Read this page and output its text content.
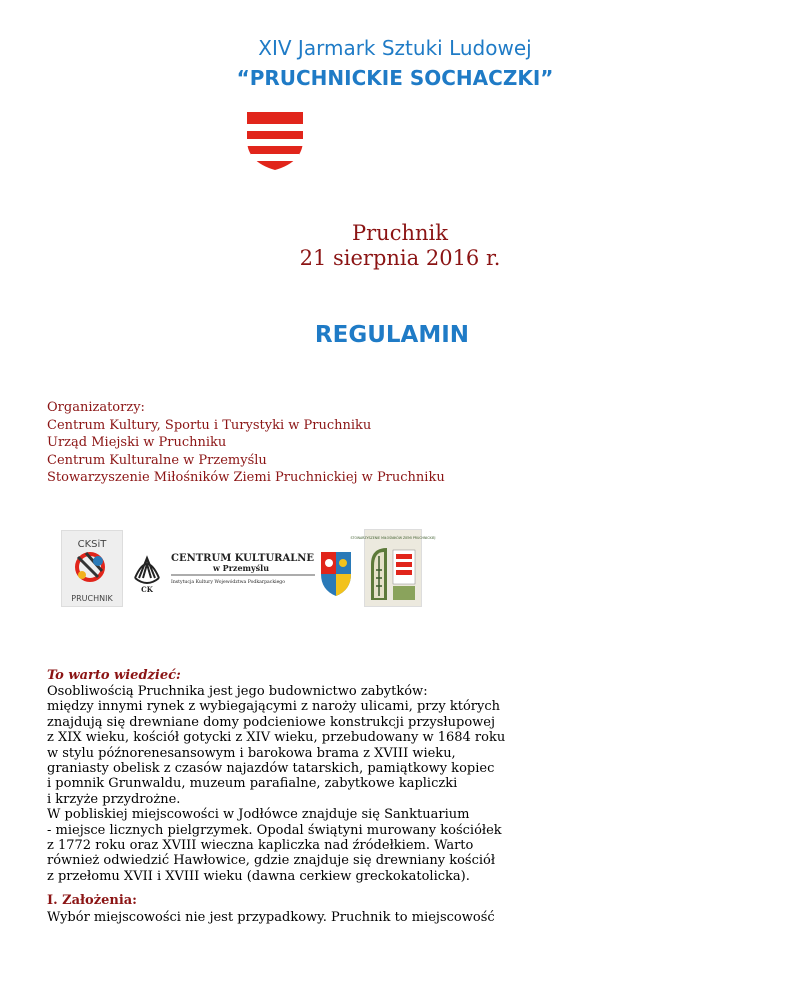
XIV Jarmark Sztuki Ludowej
“PRUCHNICKIE SOCHACZKI”
Pruchnik
21 sierpnia 2016 r.
REGULAMIN
Organizatorzy:
Centrum Kultury, Sportu i Turystyki w Pruchniku
Urząd Miejski w Pruchniku
Centrum Kulturalne w Przemyślu
Stowarzyszenie Miłośników Ziemi Pruchnickiej w Pruchniku
CKSiT
PRUCHNIK
CK
CENTRUM KULTURALNE
w Przemyślu
Instytucja Kultury Województwa Podkarpackiego
STOWARZYSZENIE MIŁOŚNIKÓW ZIEMI PRUCHNICKIEJ
To warto wiedzieć:
Osobliwością Pruchnika jest jego budownictwo zabytków:
między innymi rynek z wybiegającymi z naroży ulicami, przy których
znajdują się drewniane domy podcieniowe konstrukcji przysłupowej
z XIX wieku, kościół gotycki z XIV wieku, przebudowany w 1684 roku
w stylu późnorenesansowym i barokowa brama z XVIII wieku,
graniasty obelisk z czasów najazdów tatarskich, pamiątkowy kopiec
i pomnik Grunwaldu, muzeum parafialne, zabytkowe kapliczki
i krzyże przydrożne.
W pobliskiej miejscowości w Jodłówce znajduje się Sanktuarium
- miejsce licznych pielgrzymek. Opodal świątyni murowany kościółek
z 1772 roku oraz XVIII wieczna kapliczka nad źródełkiem. Warto
również odwiedzić Hawłowice, gdzie znajduje się drewniany kościół
z przełomu XVII i XVIII wieku (dawna cerkiew greckokatolicka).
I. Założenia:
Wybór miejscowości nie jest przypadkowy. Pruchnik to miejscowość
